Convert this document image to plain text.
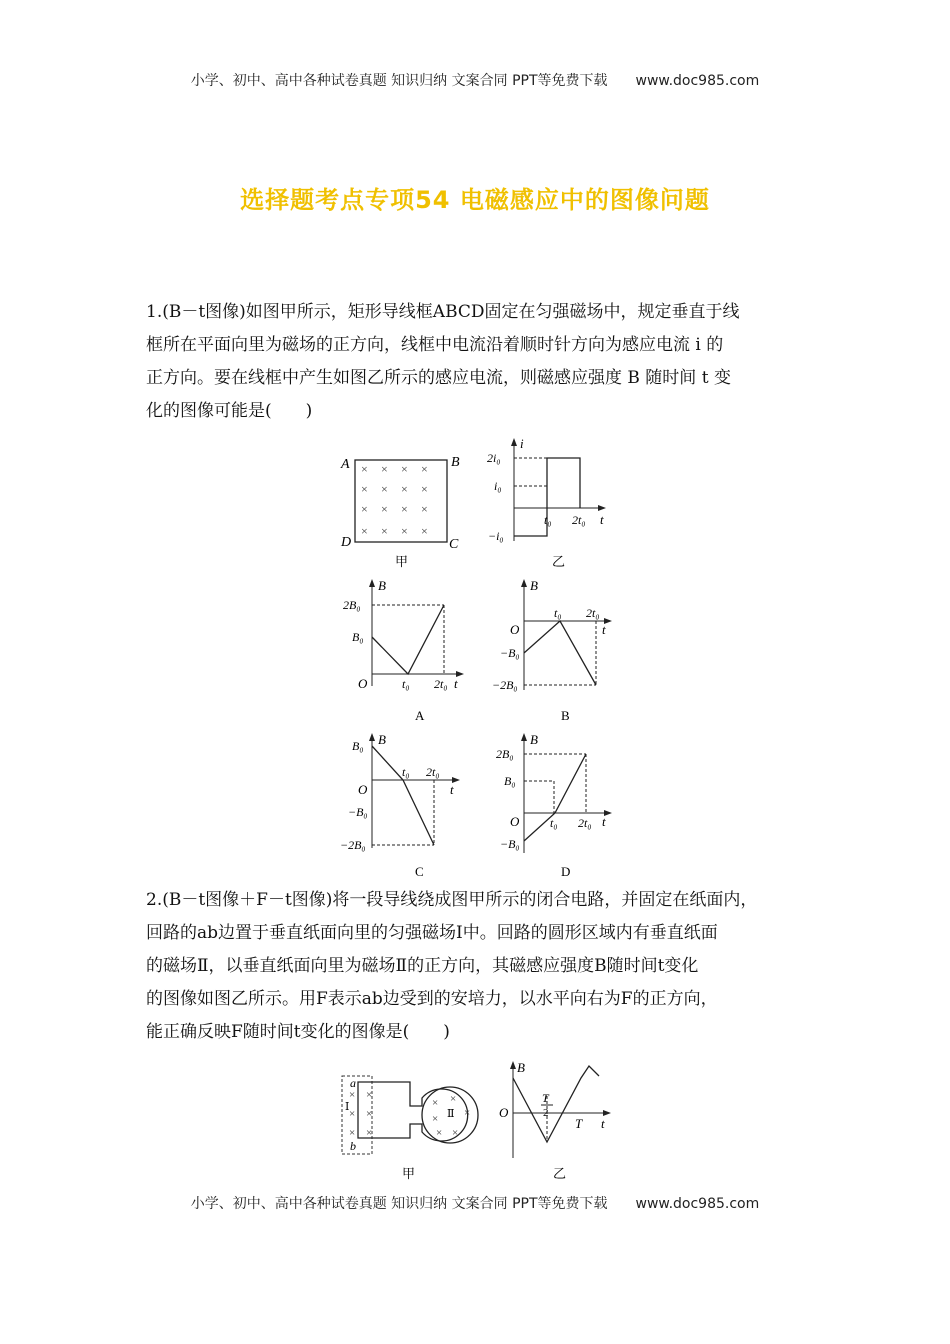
小学、初中、高中各种试卷真题 知识归纳 文案合同 PPT等免费下载 www.doc985.com
选择题考点专项54 电磁感应中的图像问题

1.(B－t图像)如图甲所示，矩形导线框ABCD固定在匀强磁场中，规定垂直于线

框所在平面向里为磁场的正方向，线框中电流沿着顺时针方向为感应电流 i 的

正方向。要在线框中产生如图乙所示的感应电流，则磁感应强度 B 随时间 t 变

化的图像可能是(　　)

× × × ×
× × × ×
× × × ×
× × × ×
A	B
D	C
甲
i
t
2i₀
i₀
−i₀
t₀ 2t₀
乙
B
t
O
2B₀
B₀
t₀ 2t₀
A
B
t
O
−B₀
−2B₀
t₀ 2t₀
B
B
t
O
B₀
−B₀
−2B₀
t₀ 2t₀
C
B
t
O
2B₀
B₀
−B₀
t₀ 2t₀
D

2.(B－t图像＋F－t图像)将一段导线绕成图甲所示的闭合电路，并固定在纸面内，

回路的ab边置于垂直纸面向里的匀强磁场Ⅰ中。回路的圆形区域内有垂直纸面

的磁场Ⅱ，以垂直纸面向里为磁场Ⅱ的正方向，其磁感应强度B随时间t变化

的图像如图乙所示。用F表示ab边受到的安培力，以水平向右为F的正方向，

能正确反映F随时间t变化的图像是(　　)

× ×
× ×
× ×
× ×
× ×
× ×
a
b
Ⅰ
Ⅱ
甲
B
t
O
T
2
T
乙
小学、初中、高中各种试卷真题 知识归纳 文案合同 PPT等免费下载 www.doc985.com
